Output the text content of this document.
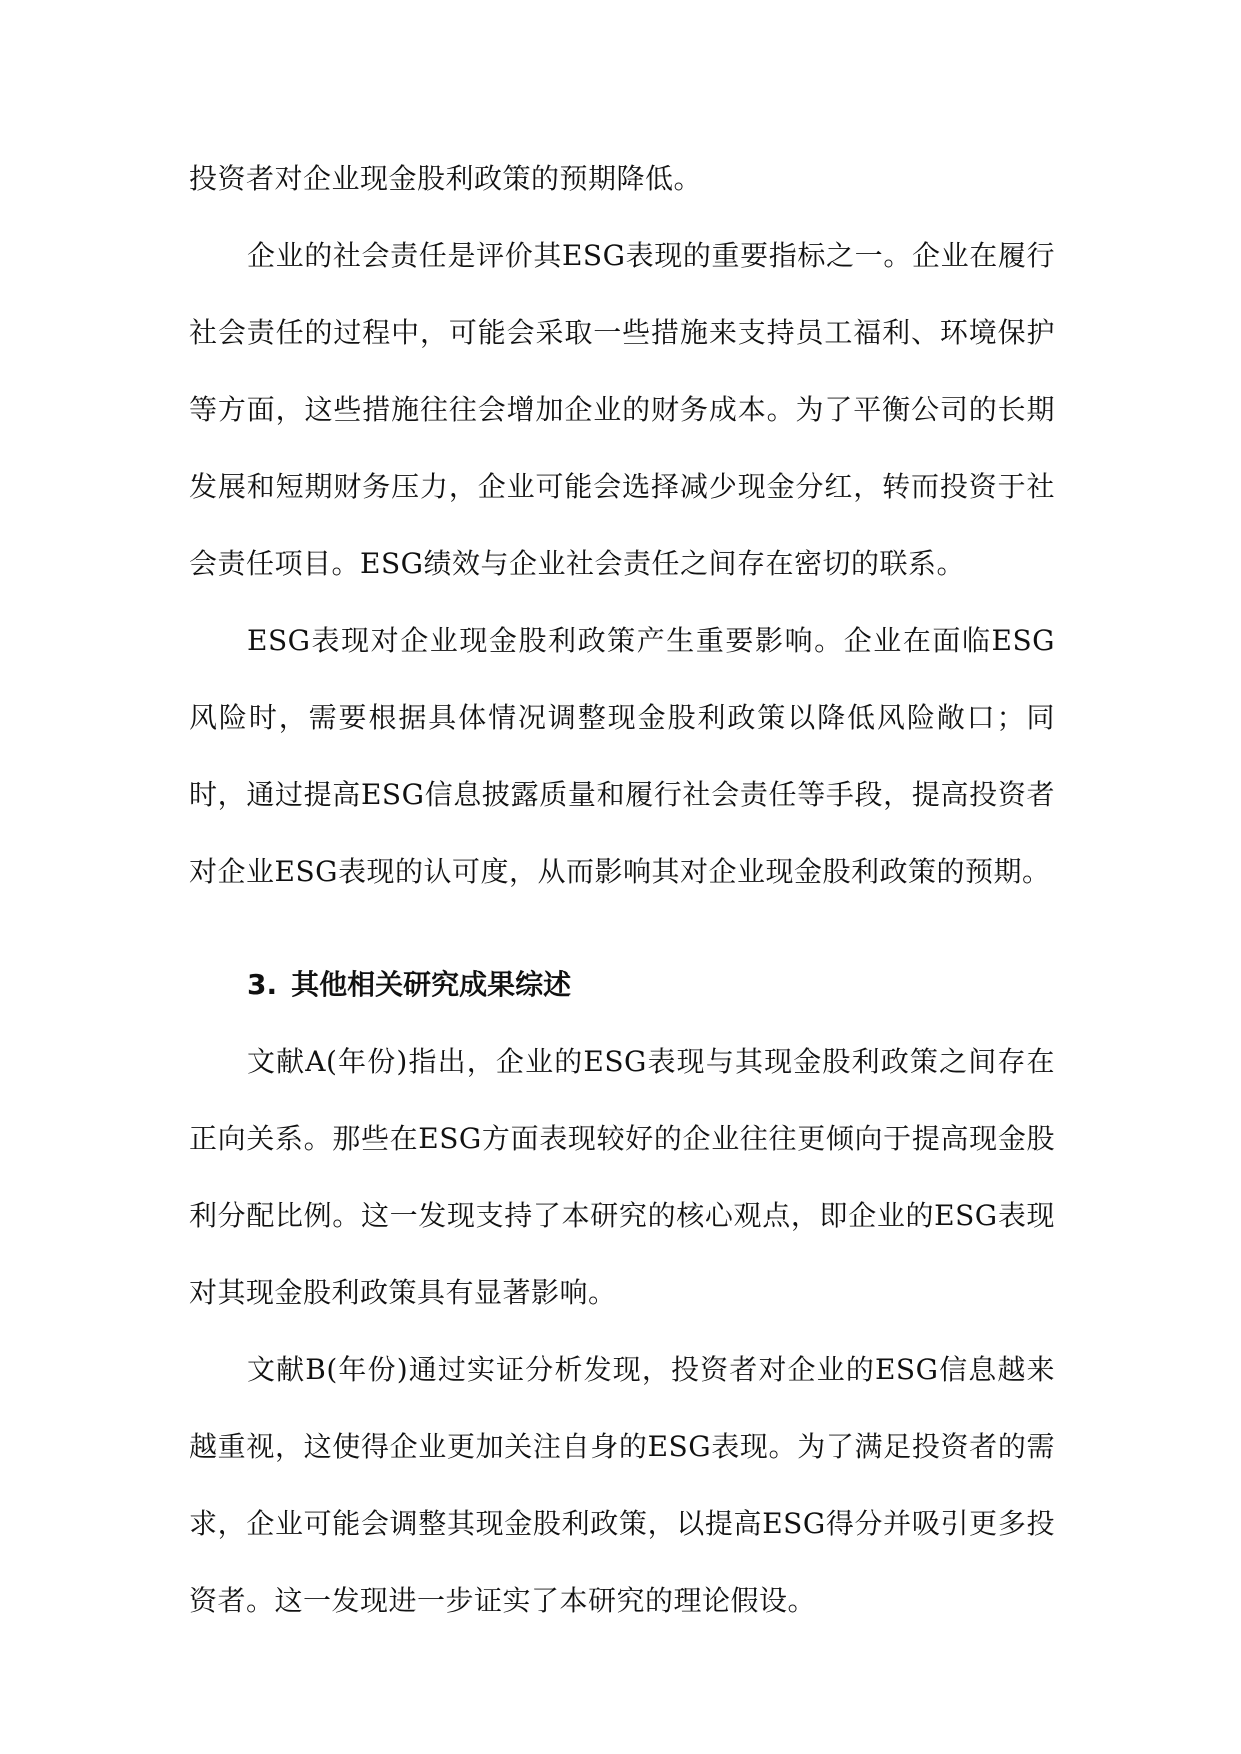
投资者对企业现金股利政策的预期降低。

企业的社会责任是评价其ESG表现的重要指标之一。企业在履行社会责任的过程中，可能会采取一些措施来支持员工福利、环境保护等方面，这些措施往往会增加企业的财务成本。为了平衡公司的长期发展和短期财务压力，企业可能会选择减少现金分红，转而投资于社会责任项目。ESG绩效与企业社会责任之间存在密切的联系。

ESG表现对企业现金股利政策产生重要影响。企业在面临ESG风险时，需要根据具体情况调整现金股利政策以降低风险敞口；同时，通过提高ESG信息披露质量和履行社会责任等手段，提高投资者对企业ESG表现的认可度，从而影响其对企业现金股利政策的预期。

3. 其他相关研究成果综述

文献A(年份)指出，企业的ESG表现与其现金股利政策之间存在正向关系。那些在ESG方面表现较好的企业往往更倾向于提高现金股利分配比例。这一发现支持了本研究的核心观点，即企业的ESG表现对其现金股利政策具有显著影响。

文献B(年份)通过实证分析发现，投资者对企业的ESG信息越来越重视，这使得企业更加关注自身的ESG表现。为了满足投资者的需求，企业可能会调整其现金股利政策，以提高ESG得分并吸引更多投资者。这一发现进一步证实了本研究的理论假设。
